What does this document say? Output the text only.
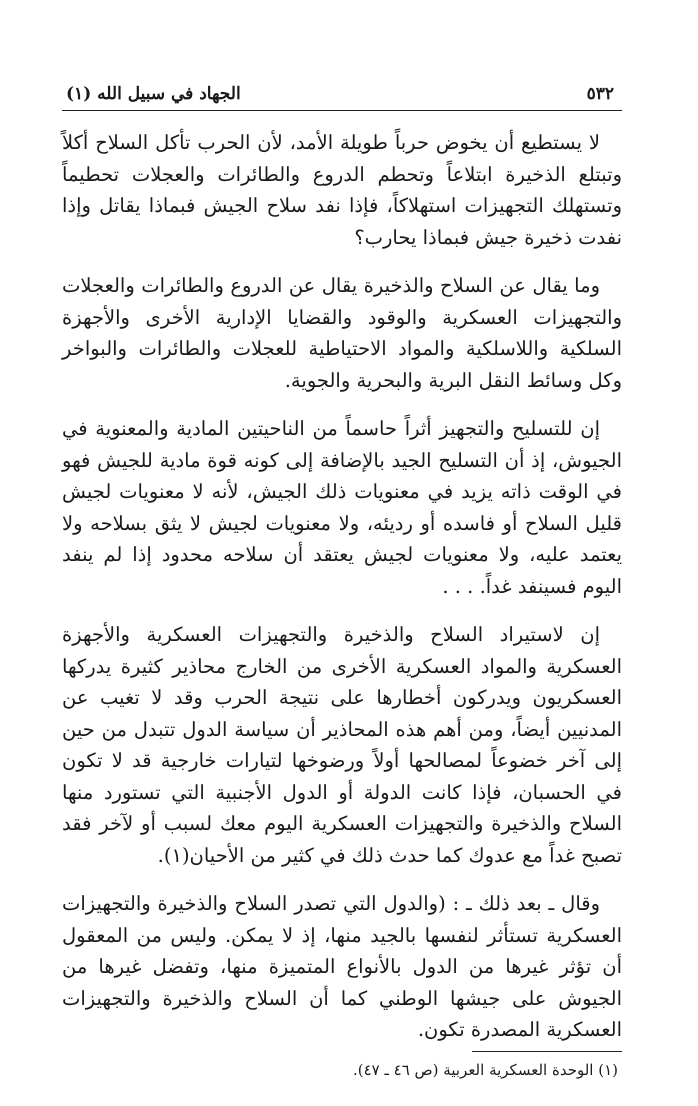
٥٣٢
الجهاد في سبيل الله (١)

لا يستطيع أن يخوض حرباً طويلة الأمد، لأن الحرب تأكل السلاح أكلاً وتبتلع الذخيرة ابتلاعاً وتحطم الدروع والطائرات والعجلات تحطيماً وتستهلك التجهيزات استهلاكاً، فإذا نفد سلاح الجيش فبماذا يقاتل وإذا نفدت ذخيرة جيش فبماذا يحارب؟

وما يقال عن السلاح والذخيرة يقال عن الدروع والطائرات والعجلات والتجهيزات العسكرية والوقود والقضايا الإدارية الأخرى والأجهزة السلكية واللاسلكية والمواد الاحتياطية للعجلات والطائرات والبواخر وكل وسائط النقل البرية والبحرية والجوية.

إن للتسليح والتجهيز أثراً حاسماً من الناحيتين المادية والمعنوية في الجيوش، إذ أن التسليح الجيد بالإضافة إلى كونه قوة مادية للجيش فهو في الوقت ذاته يزيد في معنويات ذلك الجيش، لأنه لا معنويات لجيش قليل السلاح أو فاسده أو رديئه، ولا معنويات لجيش لا يثق بسلاحه ولا يعتمد عليه، ولا معنويات لجيش يعتقد أن سلاحه محدود إذا لم ينفد اليوم فسينفد غداً. . . .

إن لاستيراد السلاح والذخيرة والتجهيزات العسكرية والأجهزة العسكرية والمواد العسكرية الأخرى من الخارج محاذير كثيرة يدركها العسكريون ويدركون أخطارها على نتيجة الحرب وقد لا تغيب عن المدنيين أيضاً، ومن أهم هذه المحاذير أن سياسة الدول تتبدل من حين إلى آخر خضوعاً لمصالحها أولاً ورضوخها لتيارات خارجية قد لا تكون في الحسبان، فإذا كانت الدولة أو الدول الأجنبية التي تستورد منها السلاح والذخيرة والتجهيزات العسكرية اليوم معك لسبب أو لآخر فقد تصبح غداً مع عدوك كما حدث ذلك في كثير من الأحيان(١).

وقال ـ بعد ذلك ـ : (والدول التي تصدر السلاح والذخيرة والتجهيزات العسكرية تستأثر لنفسها بالجيد منها، إذ لا يمكن. وليس من المعقول أن تؤثر غيرها من الدول بالأنواع المتميزة منها، وتفضل غيرها من الجيوش على جيشها الوطني كما أن السلاح والذخيرة والتجهيزات العسكرية المصدرة تكون.

(١) الوحدة العسكرية العربية (ص ٤٦ ـ ٤٧).
